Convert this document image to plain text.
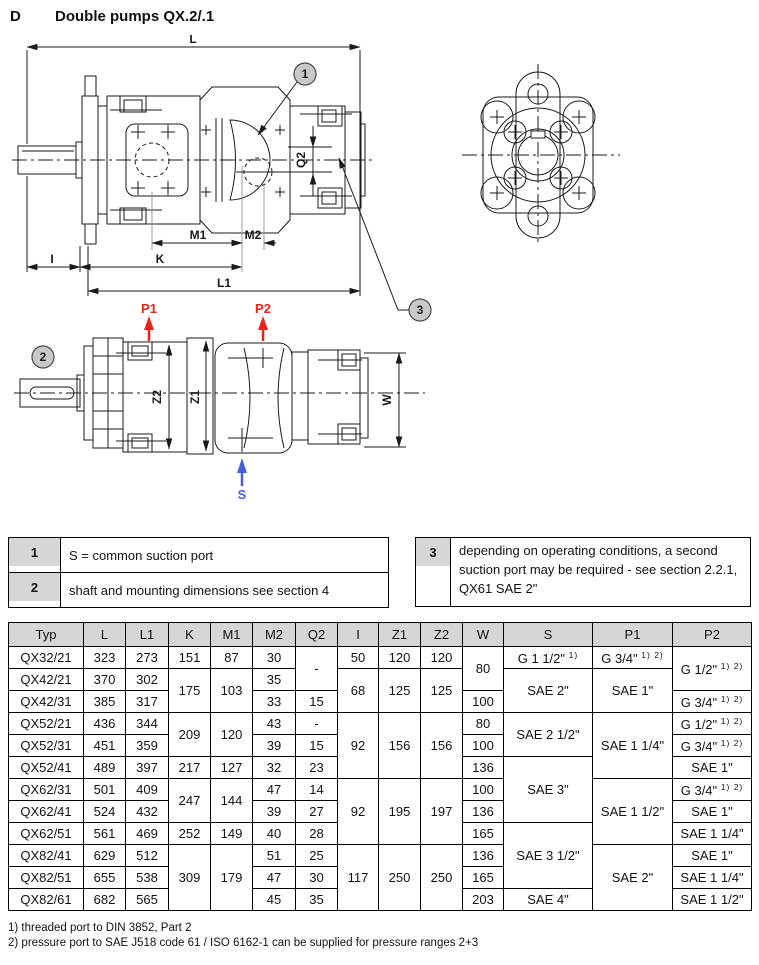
D Double pumps QX.2/.1
L
I	K
L1
M1	M2
Q2
1
3
Z2 Z1	W
P1	P2
S
2
1	S = common suction port

2	shaft and mounting dimensions see section 4
3	depending on operating conditions, a second suction port may be required - see section 2.2.1, QX61 SAE 2"
Typ	L	L1	K	M1	M2	Q2	I	Z1	Z2	W	S	P1	P2
QX32/21	323	273	151	87	30	-	50	120	120	80	G 1 1/2" $^{1)}$	G 3/4" $^{1) 2)}$	G 1/2" $^{1) 2)}$
QX42/21	370	302	175	103	35		68	125	125		SAE 2"	SAE 1"	
QX42/31	385	317			33	15				100			G 3/4" $^{1) 2)}$
QX52/21	436	344	209	120	43	-	92	156	156	80	SAE 2 1/2"	SAE 1 1/4"	G 1/2" $^{1) 2)}$
QX52/31	451	359			39	15				100			G 3/4" $^{1) 2)}$
QX52/41	489	397	217	127	32	23				136	SAE 3"		SAE 1"
QX62/31	501	409	247	144	47	14	92	195	197	100		SAE 1 1/2"	G 3/4" $^{1) 2)}$
QX62/41	524	432			39	27				136			SAE 1"
QX62/51	561	469	252	149	40	28				165	SAE 3 1/2"		SAE 1 1/4"
QX82/41	629	512	309	179	51	25	117	250	250	136		SAE 2"	SAE 1"
QX82/51	655	538			47	30				165			SAE 1 1/4"
QX82/61	682	565			45	35				203	SAE 4"		SAE 1 1/2"
1) threaded port to DIN 3852, Part 2
2) pressure port to SAE J518 code 61 / ISO 6162-1 can be supplied for pressure ranges 2+3
